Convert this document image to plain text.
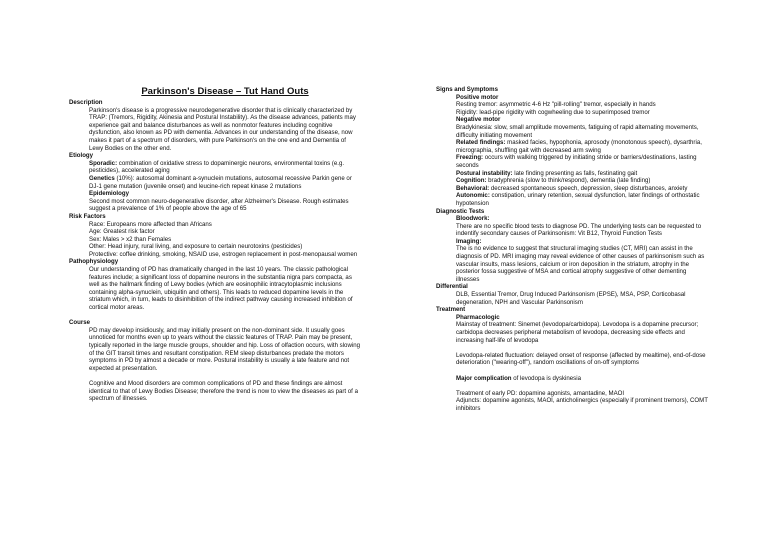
Parkinson's Disease – Tut Hand Outs
Description
Parkinson's disease is a progressive neurodegenerative disorder that is clinically characterized by TRAP: (Tremors, Rigidity, Akinesia and Postural Instability). As the disease advances, patients may experience gait and balance disturbances as well as nonmotor features including cognitive dysfunction, also known as PD with dementia. Advances in our understanding of the disease, now makes it part of a spectrum of disorders, with pure Parkinson's on the one end and Dementia of Lewy Bodies on the other end.
Etiology
Sporadic: combination of oxidative stress to dopaminergic neurons, environmental toxins (e.g. pesticides), accelerated aging
Genetics (10%): autosomal dominant a-synuclein mutations, autosomal recessive Parkin gene or DJ-1 gene mutation (juvenile onset) and leucine-rich repeat kinase 2 mutations
Epidemiology
Second most common neuro-degenerative disorder, after Alzheimer's Disease. Rough estimates suggest a prevalence of 1% of people above the age of 65
Risk Factors
Race: Europeans more affected than Africans
Age: Greatest risk factor
Sex: Males > x2 than Females
Other: Head injury, rural living, and exposure to certain neurotoxins (pesticides)
Protective: coffee drinking, smoking, NSAID use, estrogen replacement in post-menopausal women
Pathophysiology
Our understanding of PD has dramatically changed in the last 10 years. The classic pathological features include; a significant loss of dopamine neurons in the substantia nigra pars compacta, as well as the hallmark finding of Lewy bodies (which are eosinophilic intracytoplasmic inclusions containing alpha-synuclein, ubiquitin and others). This leads to reduced dopamine levels in the striatum which, in turn, leads to disinhibition of the indirect pathway causing increased inhibition of cortical motor areas.
Course
PD may develop insidiously, and may initially present on the non-dominant side. It usually goes unnoticed for months even up to years without the classic features of TRAP. Pain may be present, typically reported in the large muscle groups, shoulder and hip. Loss of olfaction occurs, with slowing of the GIT transit times and resultant constipation. REM sleep disturbances predate the motors symptoms in PD by almost a decade or more. Postural instability is usually a late feature and not expected at presentation.
Cognitive and Mood disorders are common complications of PD and these findings are almost identical to that of Lewy Bodies Disease; therefore the trend is now to view the diseases as part of a spectrum of illnesses.
Signs and Symptoms
Positive motor
Resting tremor: asymmetric 4-6 Hz "pill-rolling" tremor, especially in hands
Rigidity: lead-pipe rigidity with cogwheeling due to superimposed tremor
Negative motor
Bradykinesia: slow, small amplitude movements, fatiguing of rapid alternating movements, difficulty initiating movement
Related findings: masked facies, hypophonia, aprosody (monotonous speech), dysarthria, micrographia, shuffling gait with decreased arm swing
Freezing: occurs with walking triggered by initiating stride or barriers/destinations, lasting seconds
Postural instability: late finding presenting as falls, festinating gait
Cognition: bradyphrenia (slow to think/respond), dementia (late finding)
Behavioral: decreased spontaneous speech, depression, sleep disturbances, anxiety
Autonomic: constipation, urinary retention, sexual dysfunction, later findings of orthostatic hypotension
Diagnostic Tests
Bloodwork:
There are no specific blood tests to diagnose PD. The underlying tests can be requested to indentify secondary causes of Parkinsonism: Vit B12, Thyroid Function Tests
Imaging:
The is no evidence to suggest that structural imaging studies (CT, MRI) can assist in the diagnosis of PD. MRI imaging may reveal evidence of other causes of parkinsonism such as vascular insults, mass lesions, calcium or iron deposition in the striatum, atrophy in the posterior fossa suggestive of MSA and cortical atrophy suggestive of other dementing illnesses
Differential
DLB, Essential Tremor, Drug Induced Parkinsonism (EPSE), MSA, PSP, Corticobasal degeneration, NPH and Vascular Parkinsonism
Treatment
Pharmacologic
Mainstay of treatment: Sinemet (levodopa/carbidopa). Levodopa is a dopamine precursor; carbidopa decreases peripheral metabolism of levodopa, decreasing side effects and increasing half-life of levodopa
Levodopa-related fluctuation: delayed onset of response (affected by mealtime), end-of-dose deterioration ("wearing-off"), random oscillations of on-off symptoms
Major complication of levodopa is dyskinesia
Treatment of early PD: dopamine agonists, amantadine, MAOI
Adjuncts: dopamine agonists, MAOI, anticholinergics (especially if prominent tremors), COMT inhibitors
